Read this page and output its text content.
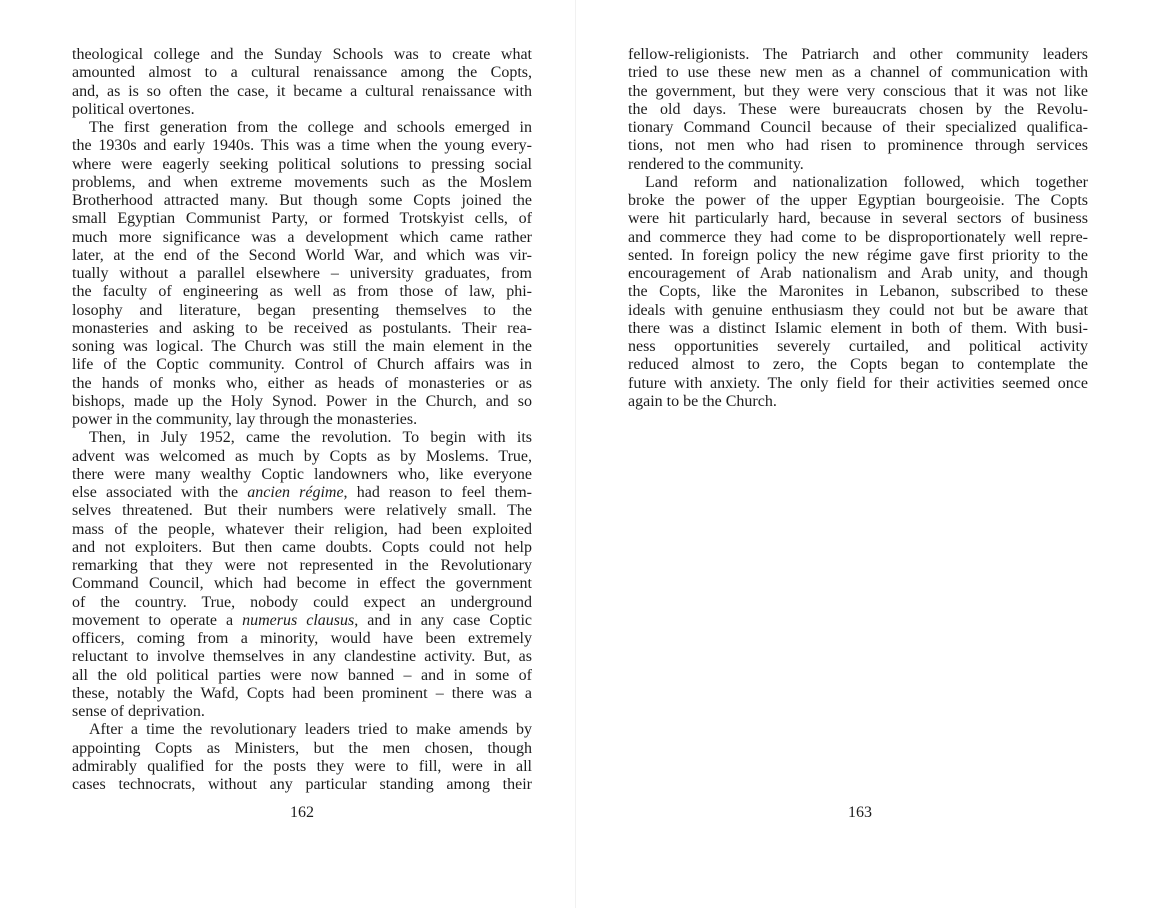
theological college and the Sunday Schools was to create what
amounted almost to a cultural renaissance among the Copts,
and, as is so often the case, it became a cultural renaissance with
political overtones.
The first generation from the college and schools emerged in
the 1930s and early 1940s. This was a time when the young every-
where were eagerly seeking political solutions to pressing social
problems, and when extreme movements such as the Moslem
Brotherhood attracted many. But though some Copts joined the
small Egyptian Communist Party, or formed Trotskyist cells, of
much more significance was a development which came rather
later, at the end of the Second World War, and which was vir-
tually without a parallel elsewhere – university graduates, from
the faculty of engineering as well as from those of law, phi-
losophy and literature, began presenting themselves to the
monasteries and asking to be received as postulants. Their rea-
soning was logical. The Church was still the main element in the
life of the Coptic community. Control of Church affairs was in
the hands of monks who, either as heads of monasteries or as
bishops, made up the Holy Synod. Power in the Church, and so
power in the community, lay through the monasteries.
Then, in July 1952, came the revolution. To begin with its
advent was welcomed as much by Copts as by Moslems. True,
there were many wealthy Coptic landowners who, like everyone
else associated with the ancien régime, had reason to feel them-
selves threatened. But their numbers were relatively small. The
mass of the people, whatever their religion, had been exploited
and not exploiters. But then came doubts. Copts could not help
remarking that they were not represented in the Revolutionary
Command Council, which had become in effect the government
of the country. True, nobody could expect an underground
movement to operate a numerus clausus, and in any case Coptic
officers, coming from a minority, would have been extremely
reluctant to involve themselves in any clandestine activity. But, as
all the old political parties were now banned – and in some of
these, notably the Wafd, Copts had been prominent – there was a
sense of deprivation.
After a time the revolutionary leaders tried to make amends by
appointing Copts as Ministers, but the men chosen, though
admirably qualified for the posts they were to fill, were in all
cases technocrats, without any particular standing among their
162
fellow-religionists. The Patriarch and other community leaders
tried to use these new men as a channel of communication with
the government, but they were very conscious that it was not like
the old days. These were bureaucrats chosen by the Revolu-
tionary Command Council because of their specialized qualifica-
tions, not men who had risen to prominence through services
rendered to the community.
Land reform and nationalization followed, which together
broke the power of the upper Egyptian bourgeoisie. The Copts
were hit particularly hard, because in several sectors of business
and commerce they had come to be disproportionately well repre-
sented. In foreign policy the new régime gave first priority to the
encouragement of Arab nationalism and Arab unity, and though
the Copts, like the Maronites in Lebanon, subscribed to these
ideals with genuine enthusiasm they could not but be aware that
there was a distinct Islamic element in both of them. With busi-
ness opportunities severely curtailed, and political activity
reduced almost to zero, the Copts began to contemplate the
future with anxiety. The only field for their activities seemed once
again to be the Church.
163
